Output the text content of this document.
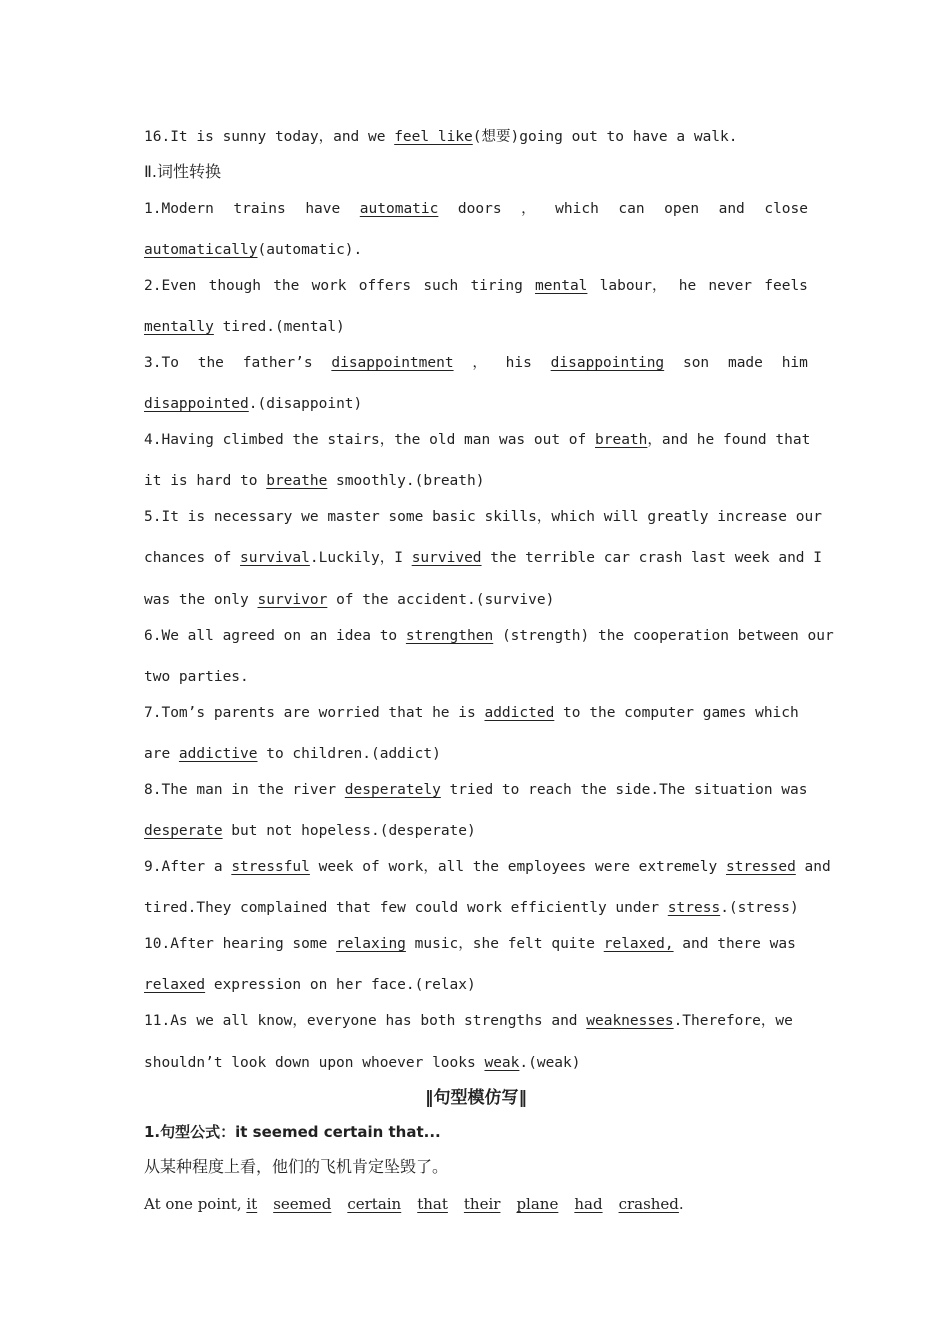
16.It is sunny today，and we feel like(想要)going out to have a walk.
Ⅱ.词性转换
1.Modern trains have automatic doors ， which can open and close
automatically(automatic).
2.Even though the work offers such tiring mental labour， he never feels
mentally tired.(mental)
3.To the father’s disappointment ， his disappointing son made him
disappointed.(disappoint)
4.Having climbed the stairs，the old man was out of breath，and he found that
it is hard to breathe smoothly.(breath)
5.It is necessary we master some basic skills，which will greatly increase our
chances of survival.Luckily，I survived the terrible car crash last week and I
was the only survivor of the accident.(survive)
6.We all agreed on an idea to strengthen (strength) the cooperation between our
two parties.
7.Tom’s parents are worried that he is addicted to the computer games which
are addictive to children.(addict)
8.The man in the river desperately tried to reach the side.The situation was
desperate but not hopeless.(desperate)
9.After a stressful week of work，all the employees were extremely stressed and
tired.They complained that few could work efficiently under stress.(stress)
10.After hearing some relaxing music，she felt quite relaxed, and there was
relaxed expression on her face.(relax)
11.As we all know，everyone has both strengths and weaknesses.Therefore，we
shouldn’t look down upon whoever looks weak.(weak)
‖句型模仿写‖
1.句型公式：it seemed certain that...
从某种程度上看，他们的飞机肯定坠毁了。
At one point, it seemed certain that their plane had crashed .
